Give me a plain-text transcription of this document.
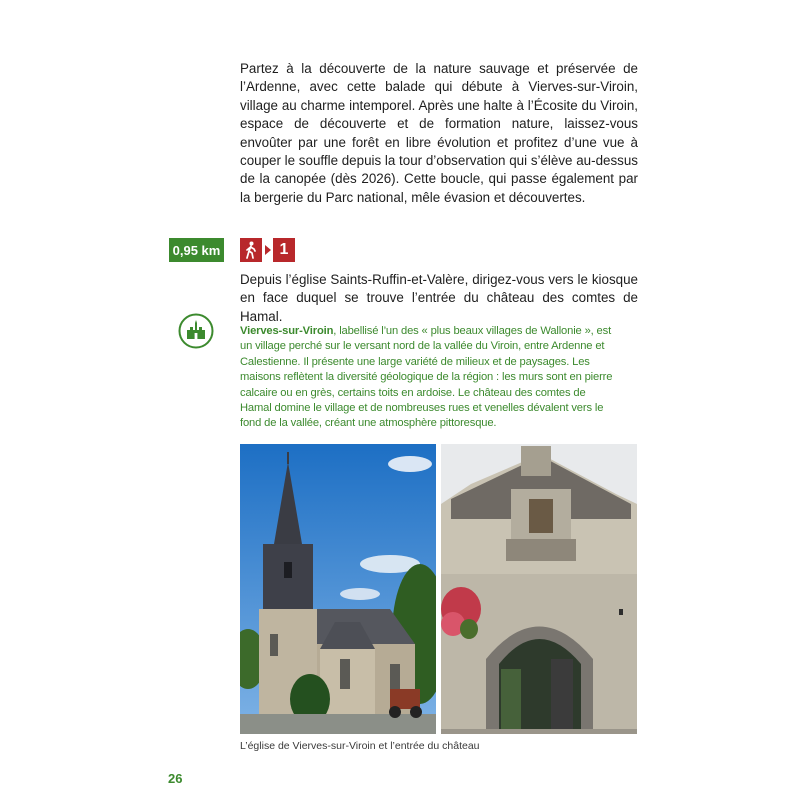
Partez à la découverte de la nature sauvage et préservée de l’Ardenne, avec cette balade qui débute à Vierves-sur-Viroin, village au charme intemporel. Après une halte à l’Écosite du Viroin, espace de découverte et de formation nature, laissez-vous envoûter par une forêt en libre évolution et profitez d’une vue à couper le souffle depuis la tour d’observation qui s’élève au-dessus de la canopée (dès 2026). Cette boucle, qui passe également par la bergerie du Parc national, mêle évasion et découvertes.

0,95 km	1

Depuis l’église Saints-Ruffin-et-Valère, dirigez-vous vers le kiosque en face duquel se trouve l’entrée du château des comtes de Hamal.

Vierves-sur-Viroin, labellisé l’un des « plus beaux villages de Wallonie », est un village perché sur le versant nord de la vallée du Viroin, entre Ardenne et Calestienne. Il présente une large variété de milieux et de paysages. Les maisons reflètent la diversité géologique de la région : les murs sont en pierre calcaire ou en grès, certains toits en ardoise. Le château des comtes de Hamal domine le village et de nombreuses rues et venelles dévalent vers le fond de la vallée, créant une atmosphère pittoresque.

L’église de Vierves-sur-Viroin et l’entrée du château
26
